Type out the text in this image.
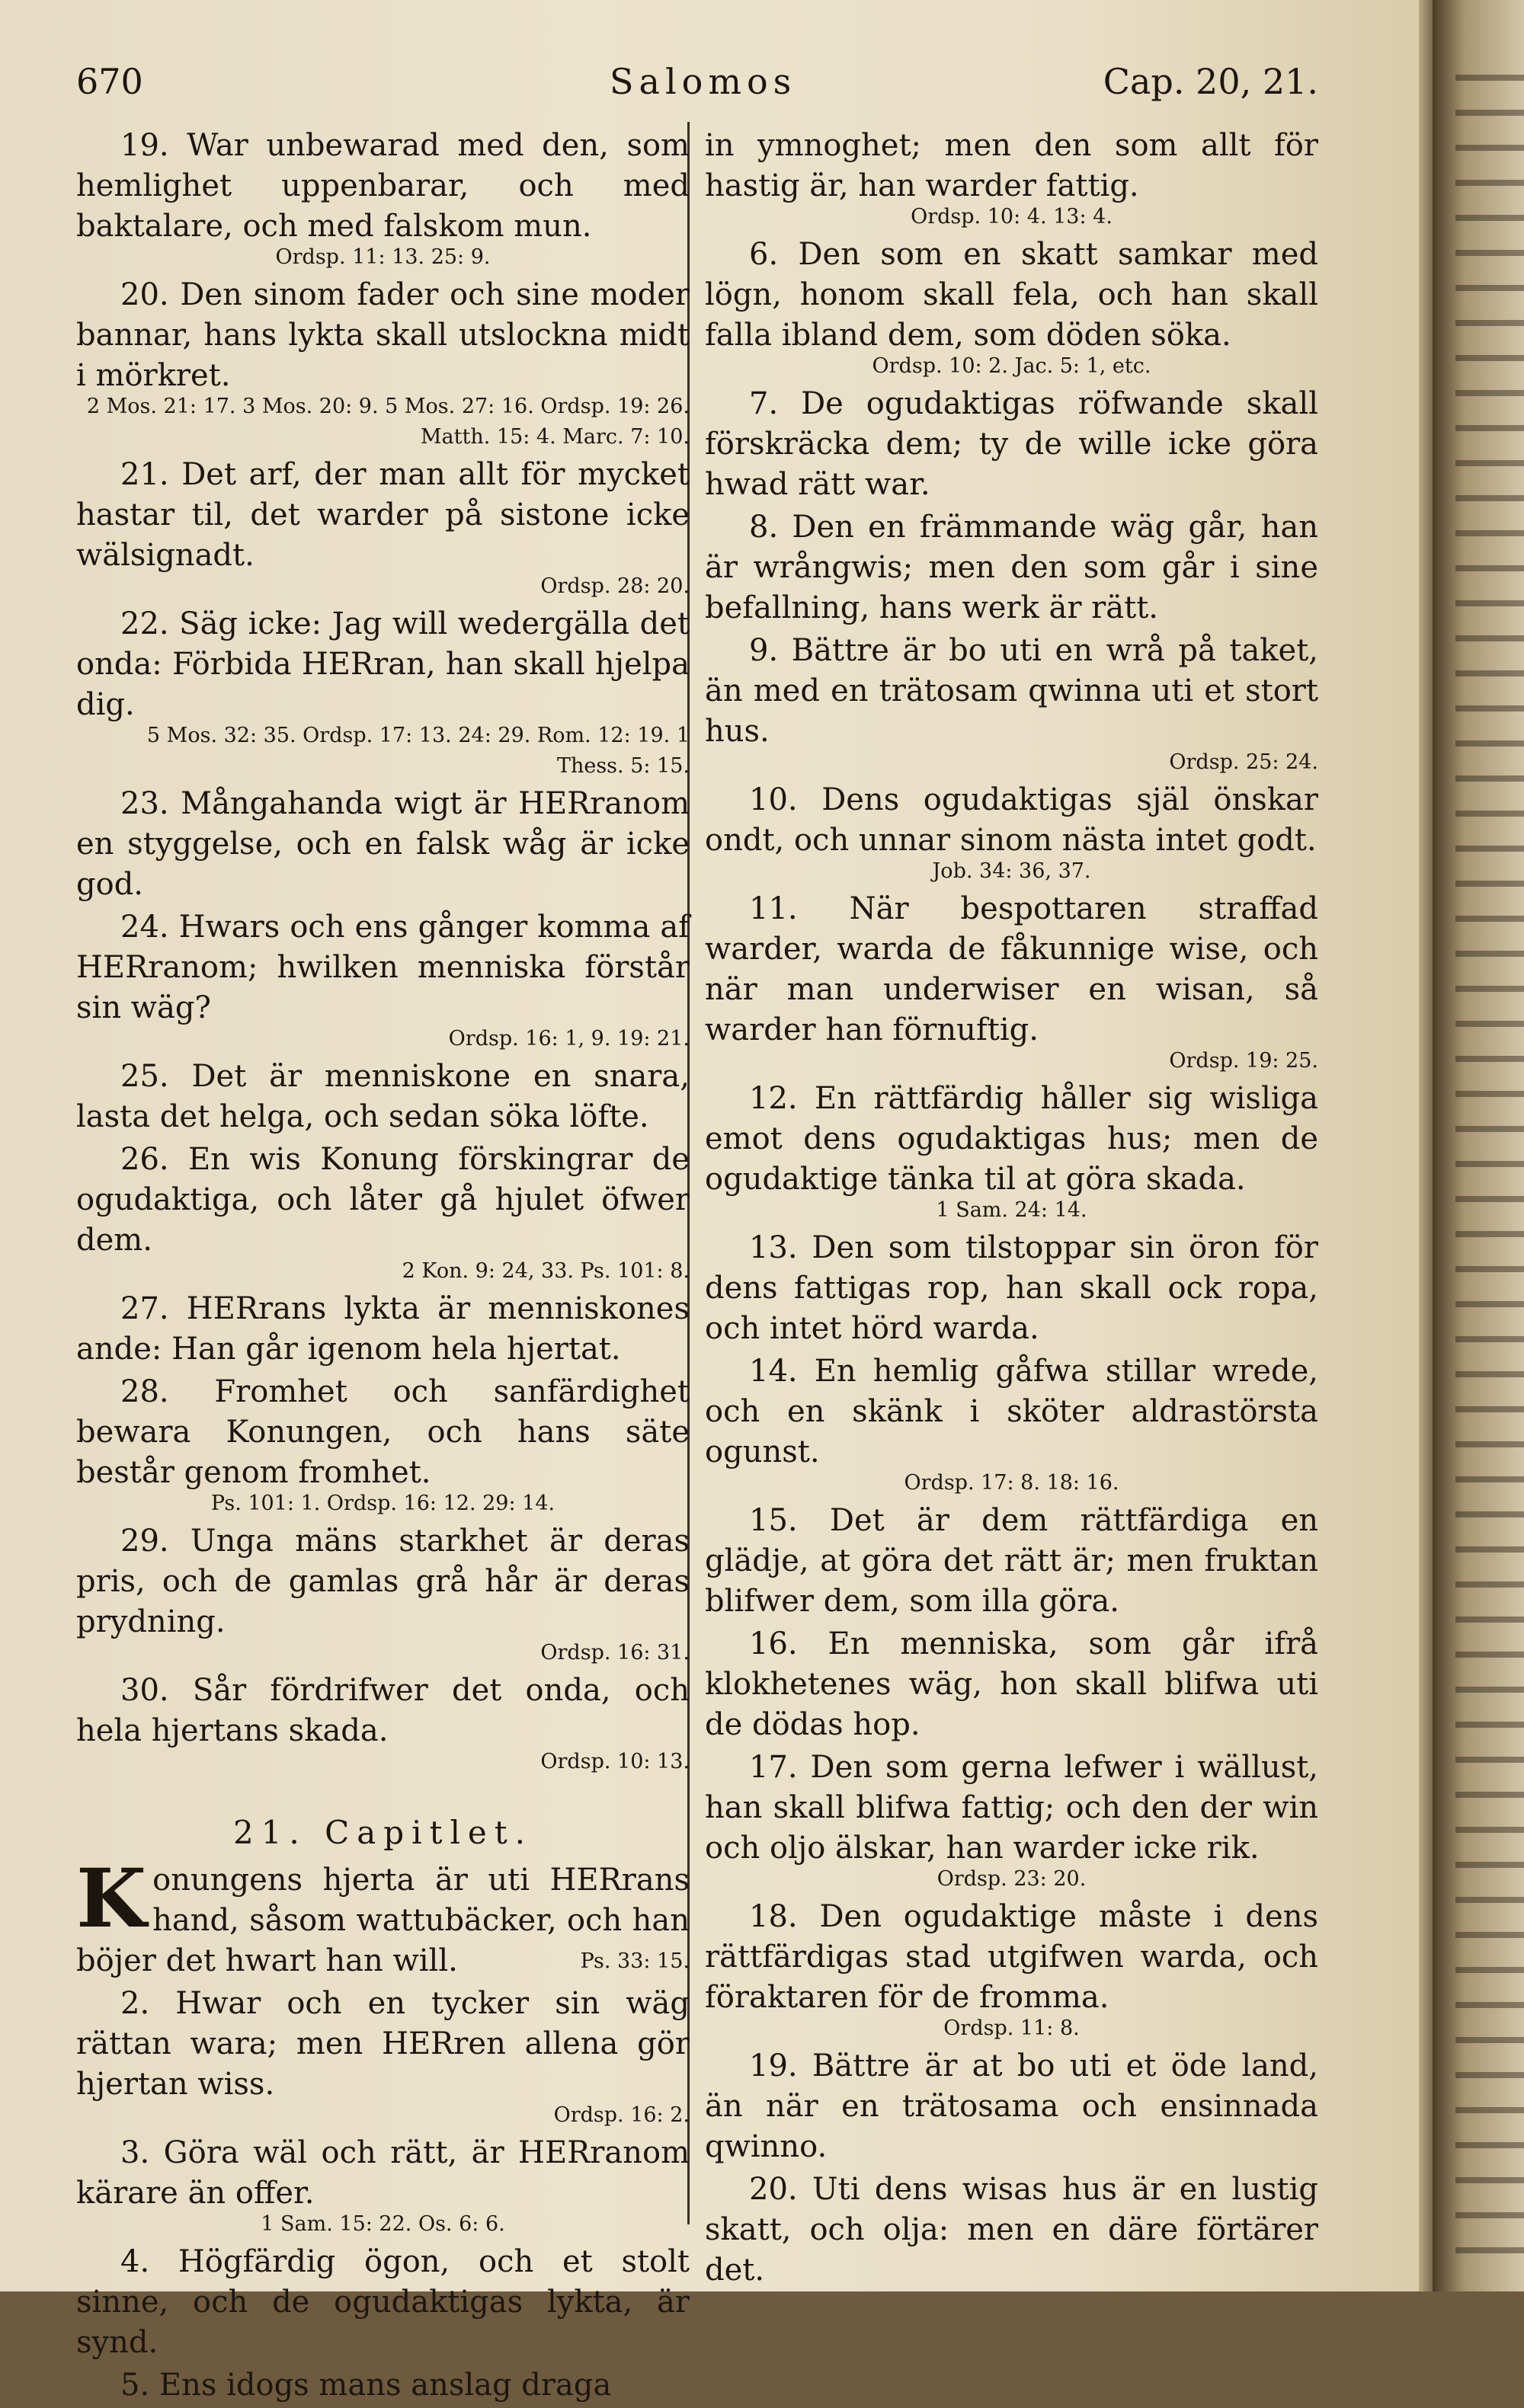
670	Salomos	Cap. 20, 21.
19. War unbewarad med den, som hemlighet uppenbarar, och med baktalare, och med falskom mun.
Ordsp. 11: 13. 25: 9.
20. Den sinom fader och sine moder bannar, hans lykta skall utslockna midt i mörkret.
2 Mos. 21: 17. 3 Mos. 20: 9. 5 Mos. 27: 16. Ordsp. 19: 26. Matth. 15: 4. Marc. 7: 10.
21. Det arf, der man allt för mycket hastar til, det warder på sistone icke wälsignadt.
Ordsp. 28: 20.
22. Säg icke: Jag will wedergälla det onda: Förbida HERran, han skall hjelpa dig.
5 Mos. 32: 35. Ordsp. 17: 13. 24: 29. Rom. 12: 19. 1 Thess. 5: 15.
23. Mångahanda wigt är HERranom en styggelse, och en falsk wåg är icke god.
24. Hwars och ens gånger komma af HERranom; hwilken menniska förstår sin wäg?
Ordsp. 16: 1, 9. 19: 21.
25. Det är menniskone en snara, lasta det helga, och sedan söka löfte.
26. En wis Konung förskingrar de ogudaktiga, och låter gå hjulet öfwer dem.
2 Kon. 9: 24, 33. Ps. 101: 8.
27. HERrans lykta är menniskones ande: Han går igenom hela hjertat.
28. Fromhet och sanfärdighet bewara Konungen, och hans säte består genom fromhet.
Ps. 101: 1. Ordsp. 16: 12. 29: 14.
29. Unga mäns starkhet är deras pris, och de gamlas grå hår är deras prydning.
Ordsp. 16: 31.
30. Sår fördrifwer det onda, och hela hjertans skada.
Ordsp. 10: 13.
21. Capitlet.
K onungens hjerta är uti HERrans hand, såsom wattubäcker, och han böjer det hwart han will.	Ps. 33: 15.
2. Hwar och en tycker sin wäg rättan wara; men HERren allena gör hjertan wiss.
Ordsp. 16: 2.
3. Göra wäl och rätt, är HERranom kärare än offer.
1 Sam. 15: 22. Os. 6: 6.
4. Högfärdig ögon, och et stolt sinne, och de ogudaktigas lykta, är synd.
5. Ens idogs mans anslag draga
in ymnoghet; men den som allt för hastig är, han warder fattig.
Ordsp. 10: 4. 13: 4.
6. Den som en skatt samkar med lögn, honom skall fela, och han skall falla ibland dem, som döden söka.
Ordsp. 10: 2. Jac. 5: 1, etc.
7. De ogudaktigas röfwande skall förskräcka dem; ty de wille icke göra hwad rätt war.
8. Den en främmande wäg går, han är wrångwis; men den som går i sine befallning, hans werk är rätt.
9. Bättre är bo uti en wrå på taket, än med en trätosam qwinna uti et stort hus.
Ordsp. 25: 24.
10. Dens ogudaktigas själ önskar ondt, och unnar sinom nästa intet godt.
Job. 34: 36, 37.
11. När bespottaren straffad warder, warda de fåkunnige wise, och när man underwiser en wisan, så warder han förnuftig.
Ordsp. 19: 25.
12. En rättfärdig håller sig wisliga emot dens ogudaktigas hus; men de ogudaktige tänka til at göra skada.
1 Sam. 24: 14.
13. Den som tilstoppar sin öron för dens fattigas rop, han skall ock ropa, och intet hörd warda.
14. En hemlig gåfwa stillar wrede, och en skänk i sköter aldrastörsta ogunst.
Ordsp. 17: 8. 18: 16.
15. Det är dem rättfärdiga en glädje, at göra det rätt är; men fruktan blifwer dem, som illa göra.
16. En menniska, som går ifrå klokhetenes wäg, hon skall blifwa uti de dödas hop.
17. Den som gerna lefwer i wällust, han skall blifwa fattig; och den der win och oljo älskar, han warder icke rik.
Ordsp. 23: 20.
18. Den ogudaktige måste i dens rättfärdigas stad utgifwen warda, och föraktaren för de fromma.
Ordsp. 11: 8.
19. Bättre är at bo uti et öde land, än när en trätosama och ensinnada qwinno.
20. Uti dens wisas hus är en lustig skatt, och olja: men en däre förtärer det.
